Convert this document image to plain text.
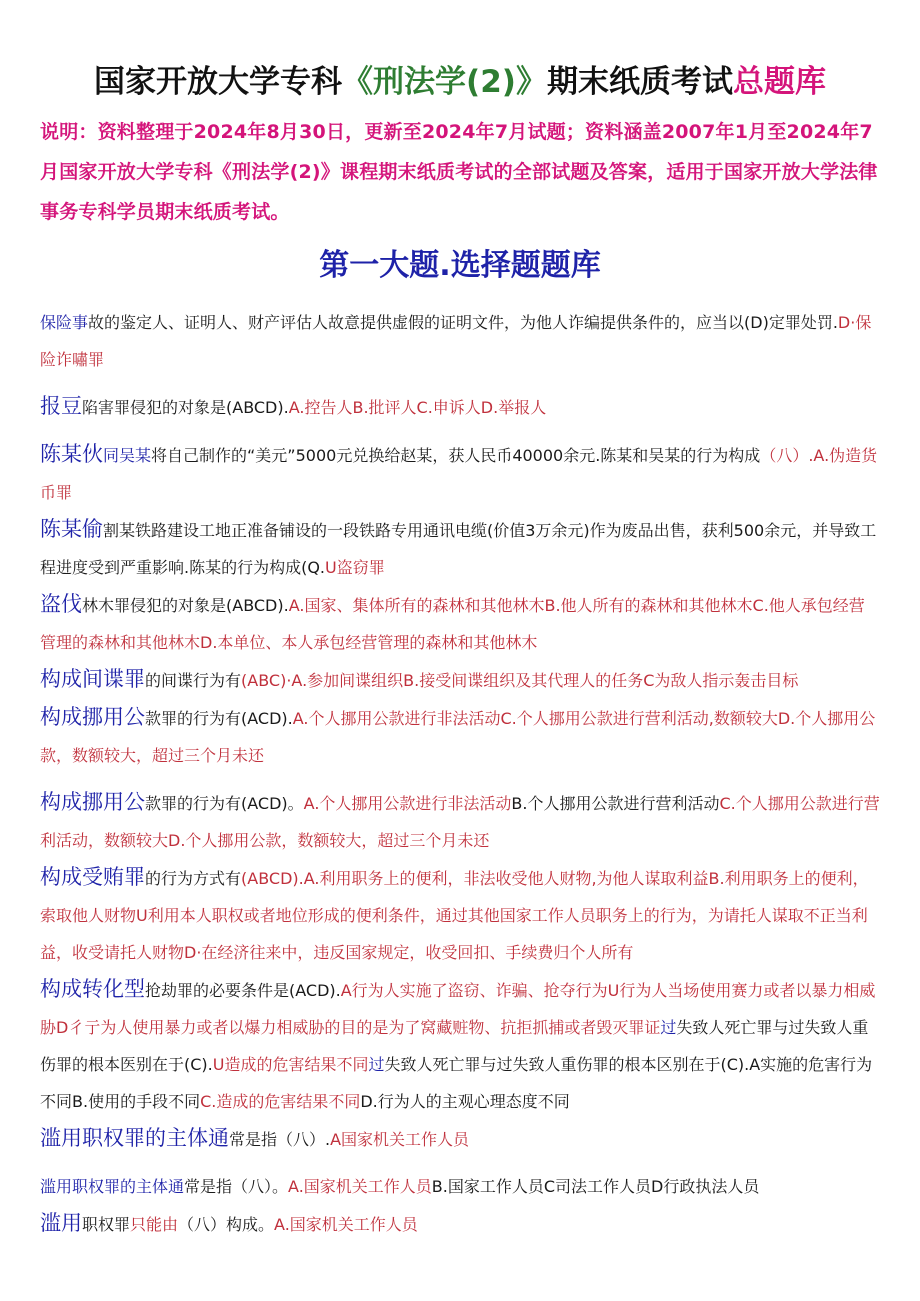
国家开放大学专科《刑法学(2)》期末纸质考试总题库

说明：资料整理于2024年8月30日，更新至2024年7月试题；资料涵盖2007年1月至2024年7月国家开放大学专科《刑法学(2)》课程期末纸质考试的全部试题及答案，适用于国家开放大学法律事务专科学员期末纸质考试。

第一大题.选择题题库

保险事故的鉴定人、证明人、财产评估人故意提供虚假的证明文件，为他人诈编提供条件的，应当以(D)定罪处罚.D·保险诈嘯罪

报豆陷害罪侵犯的对象是(ABCD).A.控告人B.批评人C.申诉人D.举报人

陈某伙同吴某将自己制作的“美元”5000元兑换给赵某，获人民币40000余元.陈某和吴某的行为构成（八）.A.伪造货币罪

陈某偷割某铁路建设工地正准备铺设的一段铁路专用通讯电缆(价值3万余元)作为废品出售，获利500余元，并导致工程进度受到严重影响.陈某的行为构成(Q.U盗窃罪

盗伐林木罪侵犯的对象是(ABCD).A.国家、集体所有的森林和其他林木B.他人所有的森林和其他林木C.他人承包经营管理的森林和其他林木D.本单位、本人承包经营管理的森林和其他林木

构成间谍罪的间谍行为有(ABC)·A.参加间谍组织B.接受间谍组织及其代理人的任务C为敌人指示轰击目标

构成挪用公款罪的行为有(ACD).A.个人挪用公款进行非法活动C.个人挪用公款进行营利活动,数额较大D.个人挪用公款，数额较大，超过三个月未还

构成挪用公款罪的行为有(ACD)。A.个人挪用公款进行非法活动B.个人挪用公款进行营利活动C.个人挪用公款进行营利活动，数额较大D.个人挪用公款，数额较大，超过三个月未还

构成受贿罪的行为方式有(ABCD).A.利用职务上的便利，非法收受他人财物,为他人谋取利益B.利用职务上的便利，索取他人财物U利用本人职权或者地位形成的便利条件，通过其他国家工作人员职务上的行为，为请托人谋取不正当利益，收受请托人财物D·在经济往来中，违反国家规定，收受回扣、手续费归个人所有

构成转化型抢劫罪的必要条件是(ACD).A行为人实施了盗窃、诈骗、抢夺行为U行为人当场使用赛力或者以暴力相威胁D彳亍为人使用暴力或者以爆力相威胁的目的是为了窝藏赃物、抗拒抓捕或者毁灭罪证过失致人死亡罪与过失致人重伤罪的根本医别在于(C).U造成的危害结果不同过失致人死亡罪与过失致人重伤罪的根本区别在于(C).A实施的危害行为不同B.使用的手段不同C.造成的危害结果不同D.行为人的主观心理态度不同

滥用职权罪的主体通常是指（八）.A国家机关工作人员

滥用职权罪的主体通常是指（八）。A.国家机关工作人员B.国家工作人员C司法工作人员D行政执法人员

滥用职权罪只能由（八）构成。A.国家机关工作人员
